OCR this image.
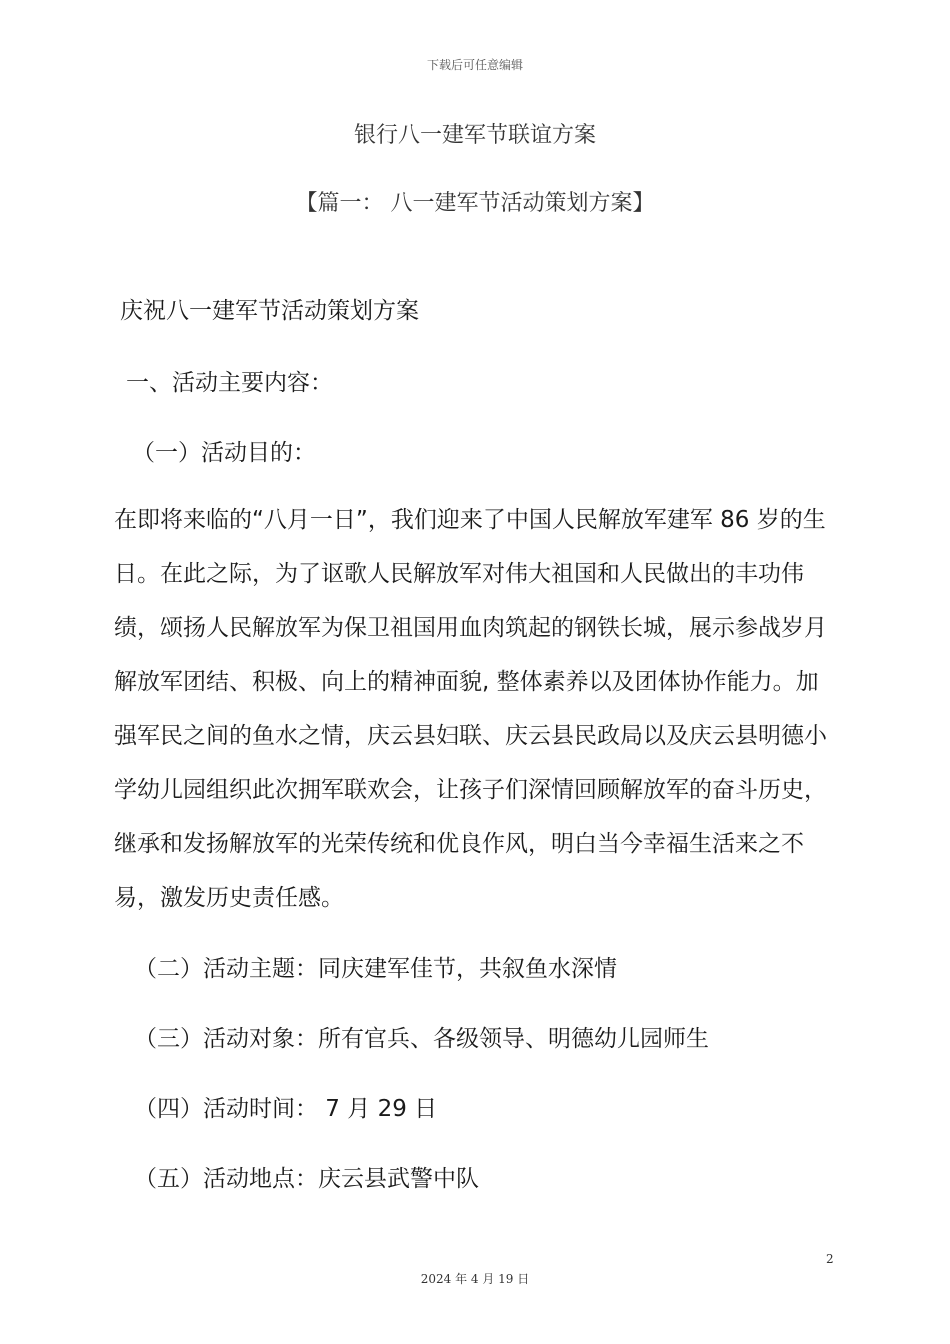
下载后可任意编辑
银行八一建军节联谊方案
【篇一： 八一建军节活动策划方案】
庆祝八一建军节活动策划方案
一、活动主要内容：
（一）活动目的：
在即将来临的“八月一日”，我们迎来了中国人民解放军建军 86 岁的生
日。在此之际，为了讴歌人民解放军对伟大祖国和人民做出的丰功伟
绩，颂扬人民解放军为保卫祖国用血肉筑起的钢铁长城，展示参战岁月
解放军团结、积极、向上的精神面貌, 整体素养以及团体协作能力。加
强军民之间的鱼水之情，庆云县妇联、庆云县民政局以及庆云县明德小
学幼儿园组织此次拥军联欢会，让孩子们深情回顾解放军的奋斗历史，
继承和发扬解放军的光荣传统和优良作风，明白当今幸福生活来之不
易，激发历史责任感。
（二）活动主题：同庆建军佳节，共叙鱼水深情
（三）活动对象：所有官兵、各级领导、明德幼儿园师生
（四）活动时间： 7 月 29 日
（五）活动地点：庆云县武警中队
2
2024 年 4 月 19 日
